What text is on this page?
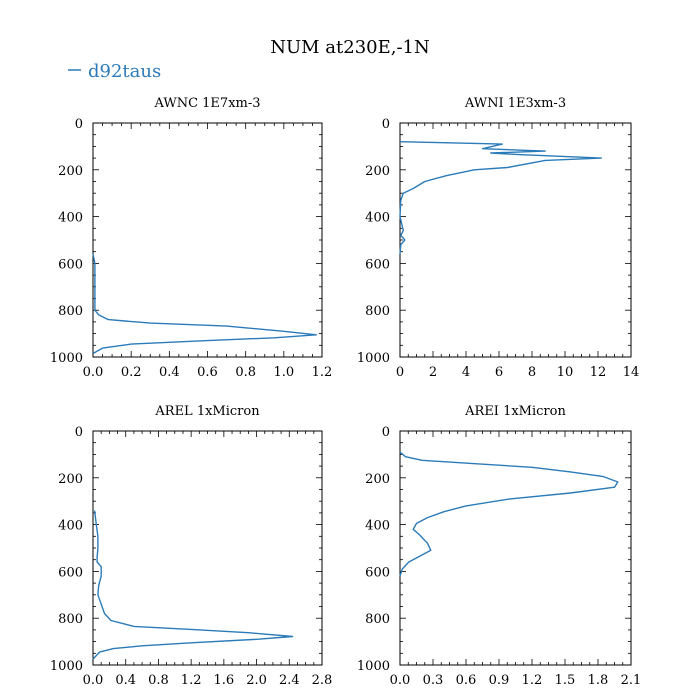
NUM at230E,-1N
d92taus
AWNC 1E7xm-3
0
200
400
600
800
1000
0.0 0.2 0.4 0.6 0.8 1.0 1.2
AWNI 1E3xm-3
0
200
400
600
800
1000
0 2 4 6 8 10 12 14
AREL 1xMicron
0
200
400
600
800
1000
0.0 0.4 0.8 1.2 1.6 2.0 2.4 2.8
AREI 1xMicron
0
200
400
600
800
1000
0.0 0.3 0.6 0.9 1.2 1.5 1.8 2.1
